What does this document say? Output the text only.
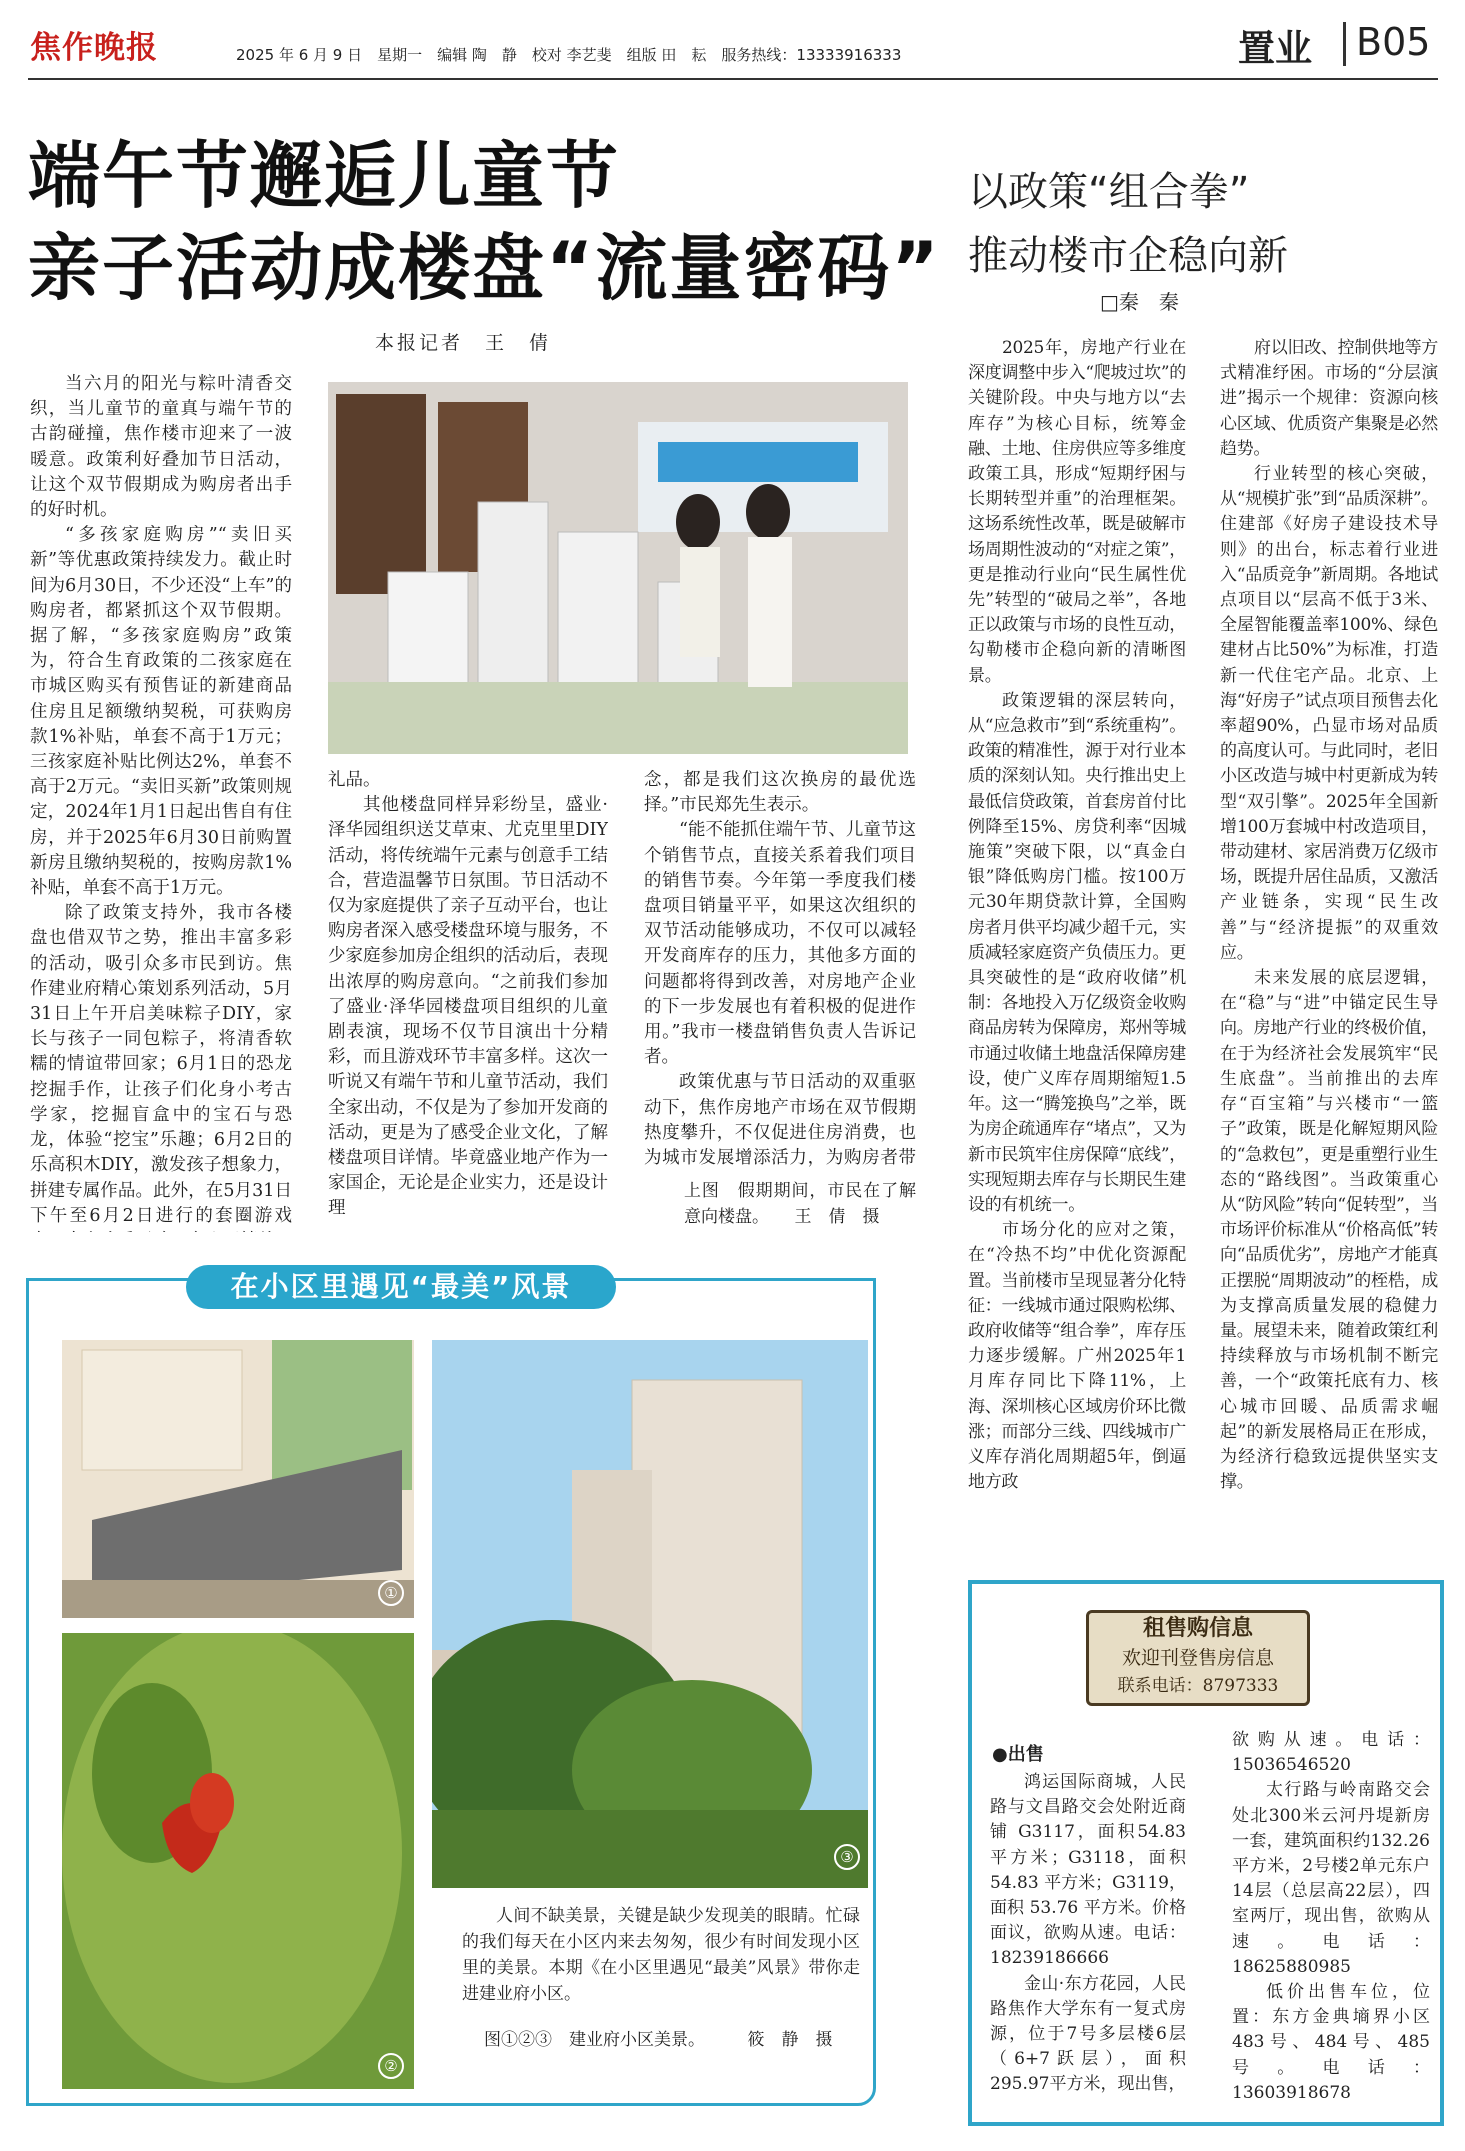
焦作晚报	2025 年 6 月 9 日　星期一　编辑 陶　静　校对 李艺斐　组版 田　耘　服务热线：13333916333	置业 B05
端午节邂逅儿童节
亲子活动成楼盘“流量密码”
本报记者　王　倩
以政策“组合拳”
推动楼市企稳向新
□秦　秦

当六月的阳光与粽叶清香交织，当儿童节的童真与端午节的古韵碰撞，焦作楼市迎来了一波暖意。政策利好叠加节日活动，让这个双节假期成为购房者出手的好时机。

“多孩家庭购房”“卖旧买新”等优惠政策持续发力。截止时间为6月30日，不少还没“上车”的购房者，都紧抓这个双节假期。据了解，“多孩家庭购房”政策为，符合生育政策的二孩家庭在市城区购买有预售证的新建商品住房且足额缴纳契税，可获购房款1%补贴，单套不高于1万元；三孩家庭补贴比例达2%，单套不高于2万元。“卖旧买新”政策则规定，2024年1月1日起出售自有住房，并于2025年6月30日前购置新房且缴纳契税的，按购房款1%补贴，单套不高于1万元。

除了政策支持外，我市各楼盘也借双节之势，推出丰富多彩的活动，吸引众多市民到访。焦作建业府精心策划系列活动，5月31日上午开启美味粽子DIY，家长与孩子一同包粽子，将清香软糯的情谊带回家；6月1日的恐龙挖掘手作，让孩子们化身小考古学家，挖掘盲盒中的宝石与恐龙，体验“挖宝”乐趣；6月2日的乐高积木DIY，激发孩子想象力，拼建专属作品。此外，在5月31日下午至6月2日进行的套圈游戏

礼品。

其他楼盘同样异彩纷呈，盛业·泽华园组织送艾草束、尤克里里DIY活动，将传统端午元素与创意手工结合，营造温馨节日氛围。节日活动不仅为家庭提供了亲子互动平台，也让购房者深入感受楼盘环境与服务，不少家庭参加房企组织的活动后，表现出浓厚的购房意向。“之前我们参加了盛业·泽华园楼盘项目组织的儿童剧表演，现场不仅节目演出十分精彩，而且游戏环节丰富多样。这次一听说又有端午节和儿童节活动，我们全家出动，不仅是为了参加开发商的活动，更是为了感受企业文化，了解楼盘项目详情。毕竟盛业地产作为一家国企，无论是企业实力，还是设计理

念，都是我们这次换房的最优选择。”市民郑先生表示。

“能不能抓住端午节、儿童节这个销售节点，直接关系着我们项目的销售节奏。今年第一季度我们楼盘项目销量平平，如果这次组织的双节活动能够成功，不仅可以减轻开发商库存的压力，其他多方面的问题都将得到改善，对房地产企业的下一步发展也有着积极的促进作用。”我市一楼盘销售负责人告诉记者。

政策优惠与节日活动的双重驱动下，焦作房地产市场在双节假期热度攀升，不仅促进住房消费，也为城市发展增添活力，为购房者带

上图　假期期间，市民在了解意向楼盘。　　王　倩　摄

2025年，房地产行业在深度调整中步入“爬坡过坎”的关键阶段。中央与地方以“去库存”为核心目标，统筹金融、土地、住房供应等多维度政策工具，形成“短期纾困与长期转型并重”的治理框架。这场系统性改革，既是破解市场周期性波动的“对症之策”，更是推动行业向“民生属性优先”转型的“破局之举”，各地正以政策与市场的良性互动，勾勒楼市企稳向新的清晰图景。

政策逻辑的深层转向，从“应急救市”到“系统重构”。政策的精准性，源于对行业本质的深刻认知。央行推出史上最低信贷政策，首套房首付比例降至15%、房贷利率“因城施策”突破下限，以“真金白银”降低购房门槛。按100万元30年期贷款计算，全国购房者月供平均减少超千元，实质减轻家庭资产负债压力。更具突破性的是“政府收储”机制：各地投入万亿级资金收购商品房转为保障房，郑州等城市通过收储土地盘活保障房建设，使广义库存周期缩短1.5年。这一“腾笼换鸟”之举，既为房企疏通库存“堵点”，又为新市民筑牢住房保障“底线”，实现短期去库存与长期民生建设的有机统一。

市场分化的应对之策，在“冷热不均”中优化资源配置。当前楼市呈现显著分化特征：一线城市通过限购松绑、政府收储等“组合拳”，库存压力逐步缓解。广州2025年1月库存同比下降11%，上海、深圳核心区域房价环比微涨；而部分三线、四线城市广义库存消化周期超5年，倒逼地方政

府以旧改、控制供地等方式精准纾困。市场的“分层演进”揭示一个规律：资源向核心区域、优质资产集聚是必然趋势。

行业转型的核心突破，从“规模扩张”到“品质深耕”。住建部《好房子建设技术导则》的出台，标志着行业进入“品质竞争”新周期。各地试点项目以“层高不低于3米、全屋智能覆盖率100%、绿色建材占比50%”为标准，打造新一代住宅产品。北京、上海“好房子”试点项目预售去化率超90%，凸显市场对品质的高度认可。与此同时，老旧小区改造与城中村更新成为转型“双引擎”。2025年全国新增100万套城中村改造项目，带动建材、家居消费万亿级市场，既提升居住品质，又激活产业链条，实现“民生改善”与“经济提振”的双重效应。

未来发展的底层逻辑，在“稳”与“进”中锚定民生导向。房地产行业的终极价值，在于为经济社会发展筑牢“民生底盘”。当前推出的去库存“百宝箱”与兴楼市“一篮子”政策，既是化解短期风险的“急救包”，更是重塑行业生态的“路线图”。当政策重心从“防风险”转向“促转型”，当市场评价标准从“价格高低”转向“品质优劣”，房地产才能真正摆脱“周期波动”的桎梏，成为支撑高质量发展的稳健力量。展望未来，随着政策红利持续释放与市场机制不断完善，一个“政策托底有力、核心城市回暖、品质需求崛起”的新发展格局正在形成，为经济行稳致远提供坚实支撑。

在小区里遇见“最美”风景
①
②
③
人间不缺美景，关键是缺少发现美的眼睛。忙碌的我们每天在小区内来去匆匆，很少有时间发现小区里的美景。本期《在小区里遇见“最美”风景》带你走进建业府小区。
图①②③　建业府小区美景。　　　筱　静　摄
租售购信息
欢迎刊登售房信息
联系电话：8797333
●出售

鸿运国际商城，人民路与文昌路交会处附近商铺 G3117，面积54.83 平方米；G3118，面积 54.83 平方米；G3119，面积 53.76 平方米。价格面议，欲购从速。电话：18239186666

金山·东方花园，人民路焦作大学东有一复式房源，位于7号多层楼6层（6+7跃层），面积295.97平方米，现出售，

欲购从速。电话：15036546520

太行路与岭南路交会处北300米云河丹堤新房一套，建筑面积约132.26平方米，2号楼2单元东户14层（总层高22层），四室两厅，现出售，欲购从速。电话：18625880985

低价出售车位，位置：东方金典墒界小区483号、484号、485号。电话：13603918678
